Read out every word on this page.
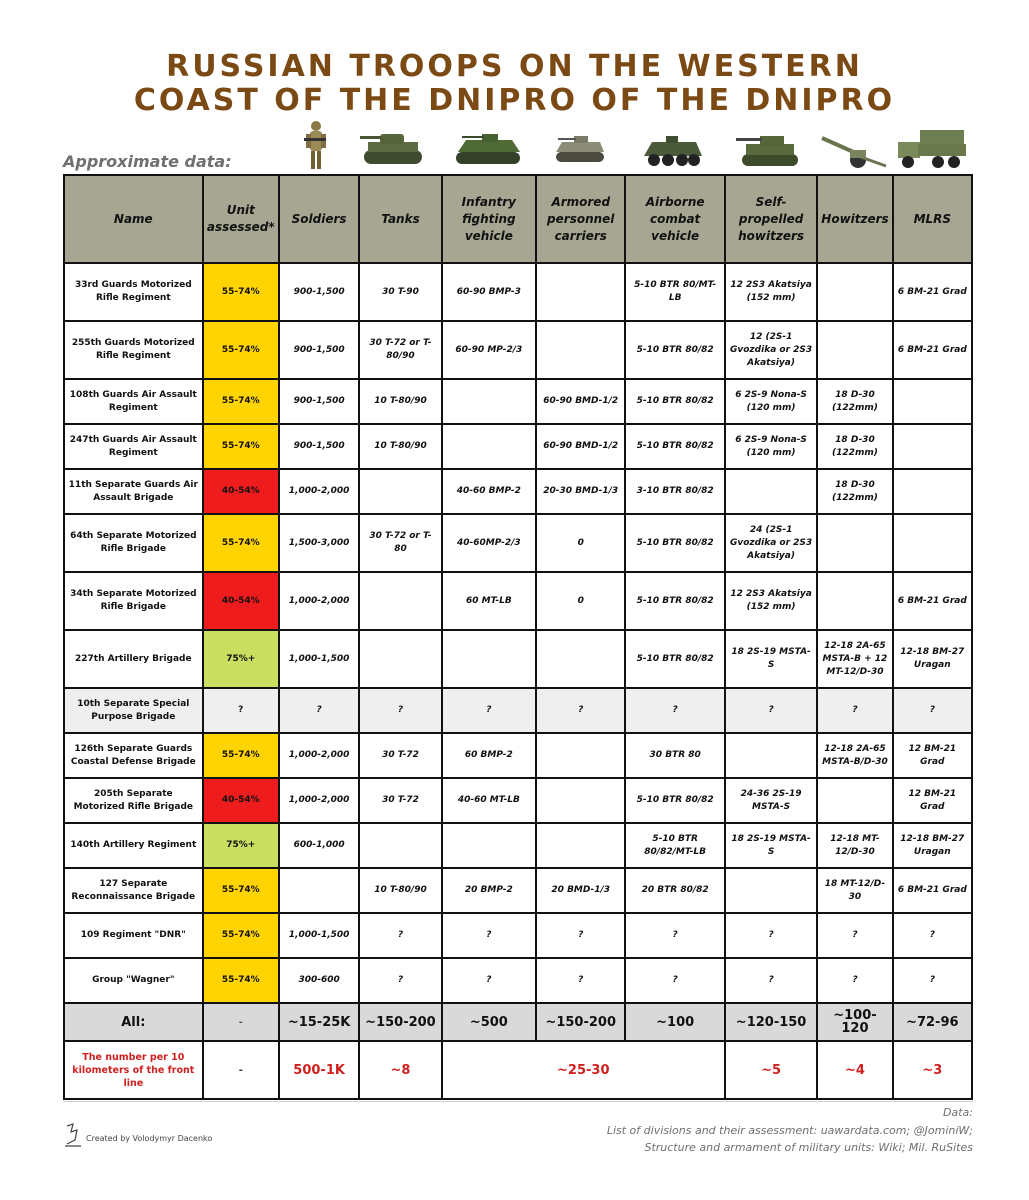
RUSSIAN TROOPS ON THE WESTERN
COAST OF THE DNIPRO OF THE DNIPRO
Approximate data:
Name	Unit assessed*	Soldiers	Tanks	Infantry fighting vehicle	Armored personnel carriers	Airborne combat vehicle	Self-propelled howitzers	Howitzers	MLRS
33rd Guards Motorized Rifle Regiment	55-74%	900-1,500	30 T-90	60-90 BMP-3		5-10 BTR 80/MT-LB	12 2S3 Akatsiya (152 mm)		6 BM-21 Grad
255th Guards Motorized Rifle Regiment	55-74%	900-1,500	30 T-72 or T-80/90	60-90 MP-2/3		5-10 BTR 80/82	12 (2S-1 Gvozdika or 2S3 Akatsiya)		6 BM-21 Grad
108th Guards Air Assault Regiment	55-74%	900-1,500	10 T-80/90		60-90 BMD-1/2	5-10 BTR 80/82	6 2S-9 Nona-S (120 mm)	18 D-30 (122mm)	
247th Guards Air Assault Regiment	55-74%	900-1,500	10 T-80/90		60-90 BMD-1/2	5-10 BTR 80/82	6 2S-9 Nona-S (120 mm)	18 D-30 (122mm)	
11th Separate Guards Air Assault Brigade	40-54%	1,000-2,000		40-60 BMP-2	20-30 BMD-1/3	3-10 BTR 80/82		18 D-30 (122mm)	
64th Separate Motorized Rifle Brigade	55-74%	1,500-3,000	30 T-72 or T-80	40-60MP-2/3	0	5-10 BTR 80/82	24 (2S-1 Gvozdika or 2S3 Akatsiya)		
34th Separate Motorized Rifle Brigade	40-54%	1,000-2,000		60 MT-LB	0	5-10 BTR 80/82	12 2S3 Akatsiya (152 mm)		6 BM-21 Grad
227th Artillery Brigade	75%+	1,000-1,500				5-10 BTR 80/82	18 2S-19 MSTA-S	12-18 2A-65 MSTA-B + 12 MT-12/D-30	12-18 BM-27 Uragan
10th Separate Special Purpose Brigade	?	?	?	?	?	?	?	?	?
126th Separate Guards Coastal Defense Brigade	55-74%	1,000-2,000	30 T-72	60 BMP-2		30 BTR 80		12-18 2A-65 MSTA-B/D-30	12 BM-21 Grad
205th Separate Motorized Rifle Brigade	40-54%	1,000-2,000	30 T-72	40-60 MT-LB		5-10 BTR 80/82	24-36 2S-19 MSTA-S		12 BM-21 Grad
140th Artillery Regiment	75%+	600-1,000				5-10 BTR 80/82/MT-LB	18 2S-19 MSTA-S	12-18 MT-12/D-30	12-18 BM-27 Uragan
127 Separate Reconnaissance Brigade	55-74%		10 T-80/90	20 BMP-2	20 BMD-1/3	20 BTR 80/82		18 MT-12/D-30	6 BM-21 Grad
109 Regiment "DNR"	55-74%	1,000-1,500	?	?	?	?	?	?	?
Group "Wagner"	55-74%	300-600	?	?	?	?	?	?	?
All:	-	~15-25K	~150-200	~500	~150-200	~100	~120-150	~100-120	~72-96
The number per 10 kilometers of the front line	-	500-1K	~8	~25-30			~5	~4	~3
Created by Volodymyr Dacenko
Data:
List of divisions and their assessment: uawardata.com; @JominiW;
Structure and armament of military units: Wiki; Mil. RuSites
